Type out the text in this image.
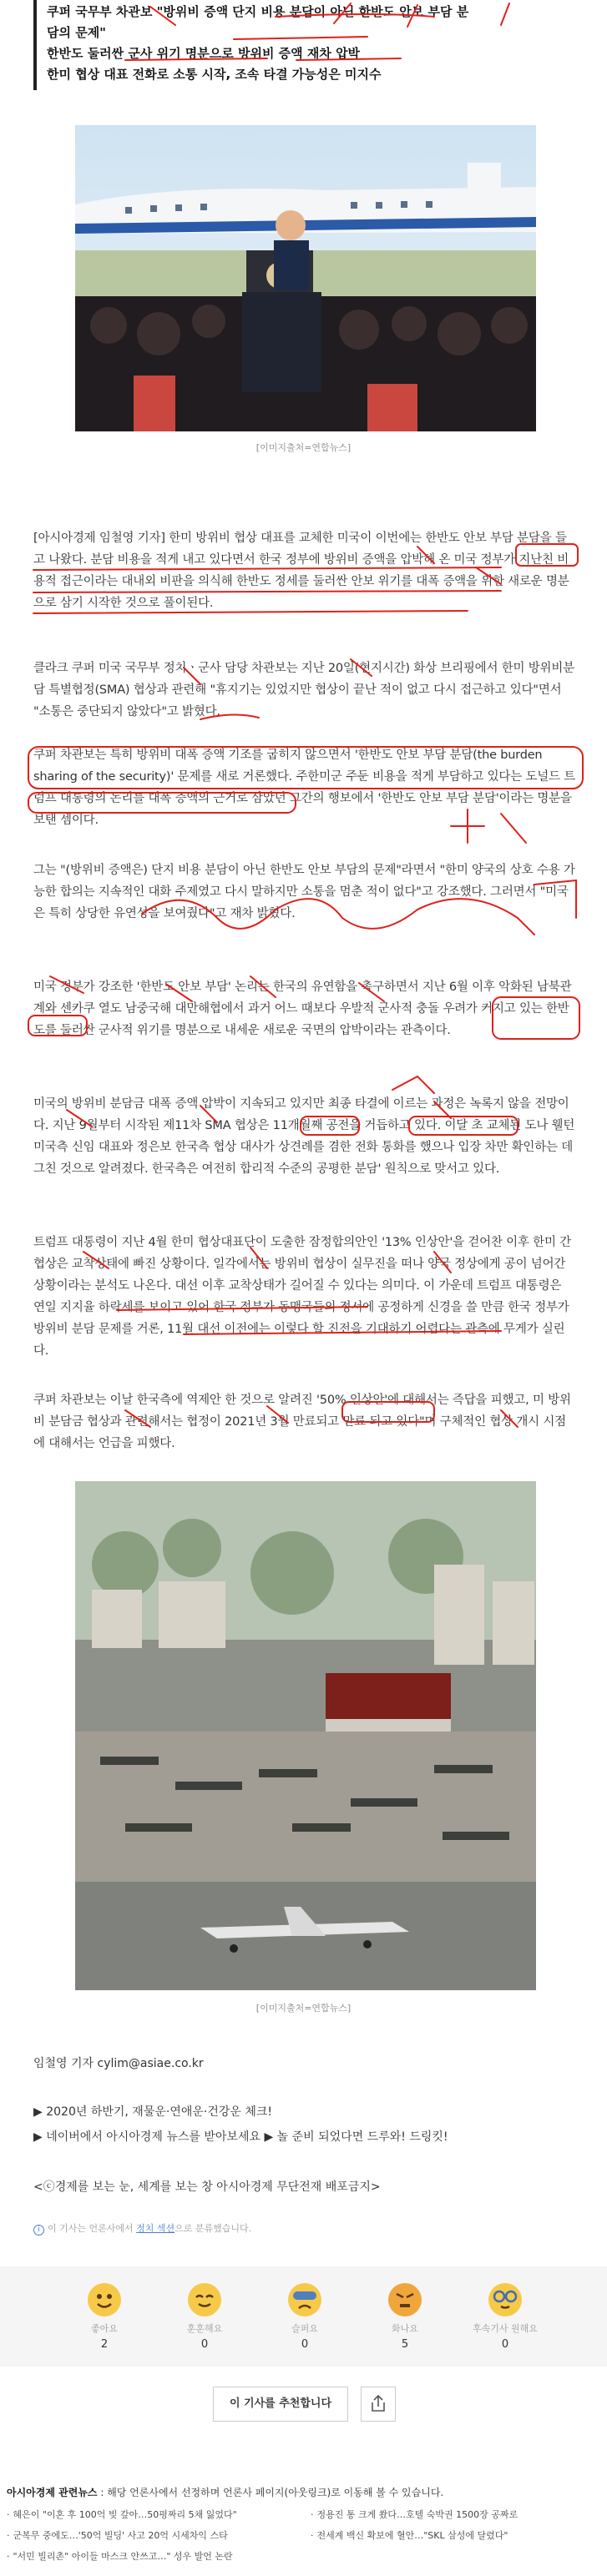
쿠퍼 국무부 차관보 "방위비 증액 단지 비용 분담이 아닌 한반도 안보 부담 분
담의 문제"
한반도 둘러싼 군사 위기 명분으로 방위비 증액 재차 압박
한미 협상 대표 전화로 소통 시작, 조속 타결 가능성은 미지수
[이미지출처=연합뉴스]
[아시아경제 임철영 기자] 한미 방위비 협상 대표를 교체한 미국이 이번에는 한반도 안보 부담 분담을 들고 나왔다. 분담 비용을 적게 내고 있다면서 한국 정부에 방위비 증액을 압박해 온 미국 정부가 지난친 비용적 접근이라는 대내외 비판을 의식해 한반도 정세를 둘러싼 안보 위기를 대폭 증액을 위한 새로운 명분으로 삼기 시작한 것으로 풀이된다.
클라크 쿠퍼 미국 국무부 정치ㆍ군사 담당 차관보는 지난 20일(현지시간) 화상 브리핑에서 한미 방위비분담 특별협정(SMA) 협상과 관련해 "휴지기는 있었지만 협상이 끝난 적이 없고 다시 접근하고 있다"면서 "소통은 중단되지 않았다"고 밝혔다.
쿠퍼 차관보는 특히 방위비 대폭 증액 기조를 굽히지 않으면서 '한반도 안보 부담 분담(the burden sharing of the security)' 문제를 새로 거론했다. 주한미군 주둔 비용을 적게 부담하고 있다는 도널드 트럼프 대통령의 논리를 대폭 증액의 근거로 삼았던 그간의 행보에서 '한반도 안보 부담 분담'이라는 명분을 보탠 셈이다.
그는 "(방위비 증액은) 단지 비용 분담이 아닌 한반도 안보 부담의 문제"라면서 "한미 양국의 상호 수용 가능한 합의는 지속적인 대화 주제였고 다시 말하지만 소통을 멈춘 적이 없다"고 강조했다. 그러면서 "미국은 특히 상당한 유연성을 보여줬다"고 재차 밝혔다.
미국 정부가 강조한 '한반도 안보 부담' 논리는 한국의 유연함을 촉구하면서 지난 6월 이후 악화된 남북관계와 센카쿠 열도 남중국해 대만해협에서 과거 어느 때보다 우발적 군사적 충돌 우려가 커지고 있는 한반도를 둘러싼 군사적 위기를 명분으로 내세운 새로운 국면의 압박이라는 관측이다.
미국의 방위비 분담금 대폭 증액 압박이 지속되고 있지만 최종 타결에 이르는 과정은 녹록지 않을 전망이다. 지난 9월부터 시작된 제11차 SMA 협상은 11개월째 공전을 거듭하고 있다. 이달 초 교체된 도나 웰턴 미국측 신임 대표와 정은보 한국측 협상 대사가 상견례를 겸한 전화 통화를 했으나 입장 차만 확인하는 데 그친 것으로 알려졌다. 한국측은 여전히 합리적 수준의 공평한 분담' 원칙으로 맞서고 있다.
트럼프 대통령이 지난 4월 한미 협상대표단이 도출한 잠정합의안인 '13% 인상안'을 걷어찬 이후 한미 간 협상은 교착상태에 빠진 상황이다. 일각에서는 방위비 협상이 실무진을 떠나 양국 정상에게 공이 넘어간 상황이라는 분석도 나온다. 대선 이후 교착상태가 길어질 수 있다는 의미다. 이 가운데 트럼프 대통령은 연일 지지율 하락세를 보이고 있어 한국 정부가 동맹국들의 정서에 공정하게 신경을 쓸 만큼 한국 정부가 방위비 분담 문제를 거론, 11월 대선 이전에는 이렇다 할 진전을 기대하기 어렵다는 관측에 무게가 실린다.
쿠퍼 차관보는 이날 한국측에 역제안 한 것으로 알려진 '50% 인상안'에 대해서는 즉답을 피했고, 미 방위비 분담금 협상과 관련해서는 협정이 2021년 3월 만료되고 만료 되고 있다"며 구체적인 협상 개시 시점에 대해서는 언급을 피했다.
[이미지출처=연합뉴스]
임철영 기자 cylim@asiae.co.kr
▶ 2020년 하반기, 재물운·연애운·건강운 체크!
▶ 네이버에서 아시아경제 뉴스를 받아보세요 ▶ 놀 준비 되었다면 드루와! 드링킷!
<ⓒ경제를 보는 눈, 세계를 보는 창 아시아경제 무단전재 배포금지>
i 이 기사는 언론사에서 정치 섹션으로 분류했습니다.
좋아요
2
훈훈해요
0
슬퍼요
0
화나요
5
후속기사 원해요
0
이 기사를 추천합니다
아시아경제 관련뉴스 : 해당 언론사에서 선정하며 언론사 페이지(아웃링크)로 이동해 볼 수 있습니다.
· 혜은이 "이혼 후 100억 빚 갚아…50평짜리 5채 잃었다"	· 정용진 통 크게 쐈다…호텔 숙박권 1500장 공짜로
· 군복무 중에도…'50억 빌딩' 사고 20억 시세차익 스타	· 전세계 백신 확보에 혈안…"SKL 삼성에 달렸다"
· "서민 빌리촌" 아이들 마스크 안쓰고…" 성우 발언 논란
